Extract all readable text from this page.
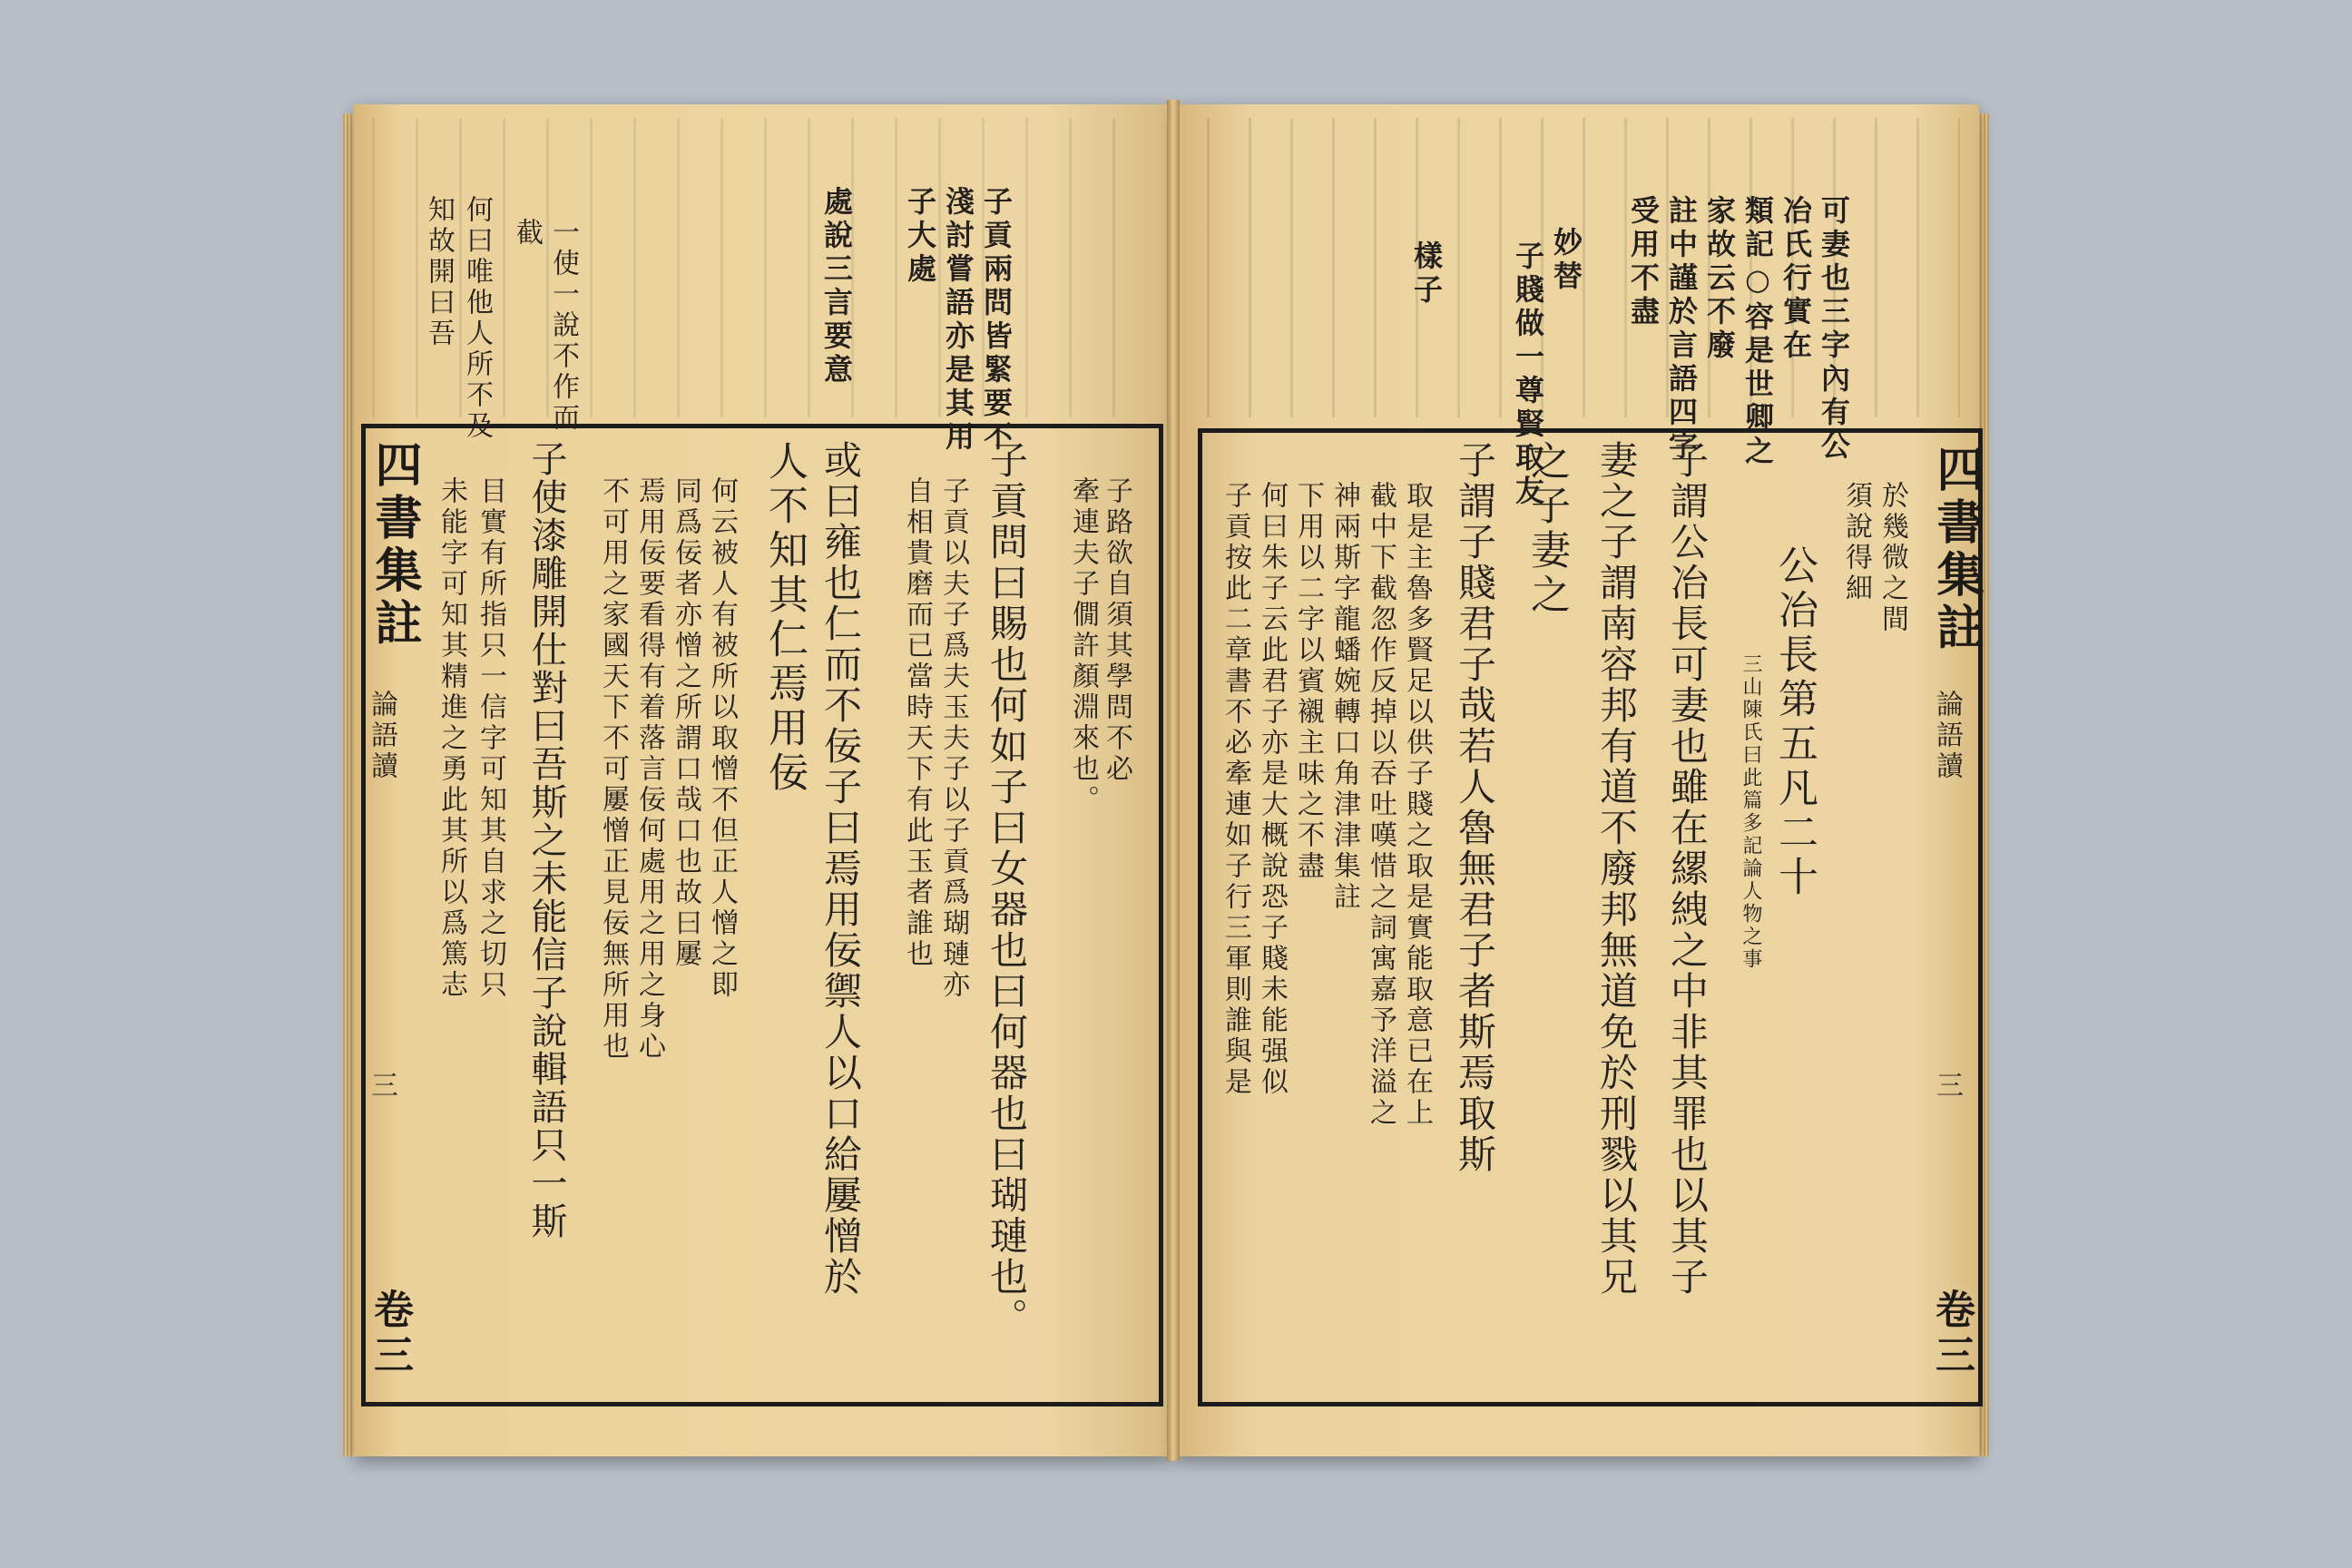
四書集註
論語讀
三
卷三
子貢兩問皆緊要不
淺討嘗語亦是其用
子大處
處說三言要意
一使一說不作而
截
何曰唯他人所不及
知故開曰吾
子路欲自須其學問不必
牽連夫子僩許顏淵來也。
子貢問曰賜也何如子曰女器也曰何器也曰瑚璉也。
子貢以夫子爲夫玉夫子以子貢爲瑚璉亦
自相貴磨而已當時天下有此玉者誰也
或曰雍也仁而不佞子曰焉用佞禦人以口給屢憎於
人不知其仁焉用佞
何云被人有被所以取憎不但正人憎之即
同爲佞者亦憎之所謂口哉口也故曰屢
焉用佞要看得有着落言佞何處用之用之身心
不可用之家國天下不可屢憎正見佞無所用也
子使漆雕開仕對曰吾斯之未能信子說輯語只一斯
目實有所指只一信字可知其自求之切只
未能字可知其精進之勇此其所以爲篤志	四書集註
論語讀
三
卷三
可妻也三字內有公
冶氏行實在
類記○容是世卿之
家故云不廢
註中謹於言語四字
受用不盡
妙替
子賤做一尊賢取友
樣子
於幾微之間
須說得細
公冶長第五凡二十
三山陳氏曰此篇多記論人物之事
子謂公冶長可妻也雖在縲絏之中非其罪也以其子
妻之子謂南容邦有道不廢邦無道免於刑戮以其兄
之子妻之
子謂子賤君子哉若人魯無君子者斯焉取斯
取是主魯多賢足以供子賤之取是實能取意已在上
截中下截忽作反掉以吞吐嘆惜之詞寓嘉予洋溢之
神兩斯字龍蟠婉轉口角津津集註
下用以二字以賓襯主味之不盡
何曰朱子云此君子亦是大概說恐子賤未能强似
子貢按此二章書不必牽連如子行三軍則誰與是
